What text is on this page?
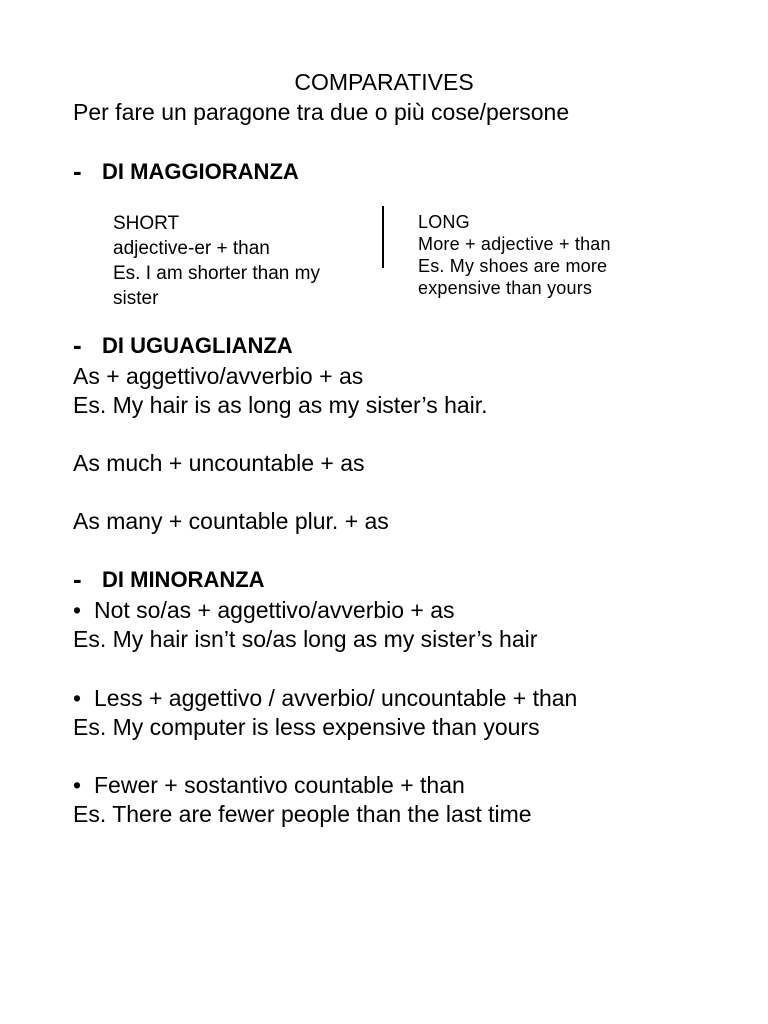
COMPARATIVES
Per fare un paragone tra due o più cose/persone
- DI MAGGIORANZA
SHORT
adjective-er + than
Es. I am shorter than my
sister
LONG
More + adjective + than
Es. My shoes are more
expensive than yours
- DI UGUAGLIANZA
As + aggettivo/avverbio + as
Es. My hair is as long as my sister’s hair.
As much + uncountable + as
As many + countable plur. + as
- DI MINORANZA
• Not so/as + aggettivo/avverbio + as
Es. My hair isn’t so/as long as my sister’s hair
• Less + aggettivo / avverbio/ uncountable + than
Es. My computer is less expensive than yours
• Fewer + sostantivo countable + than
Es. There are fewer people than the last time
